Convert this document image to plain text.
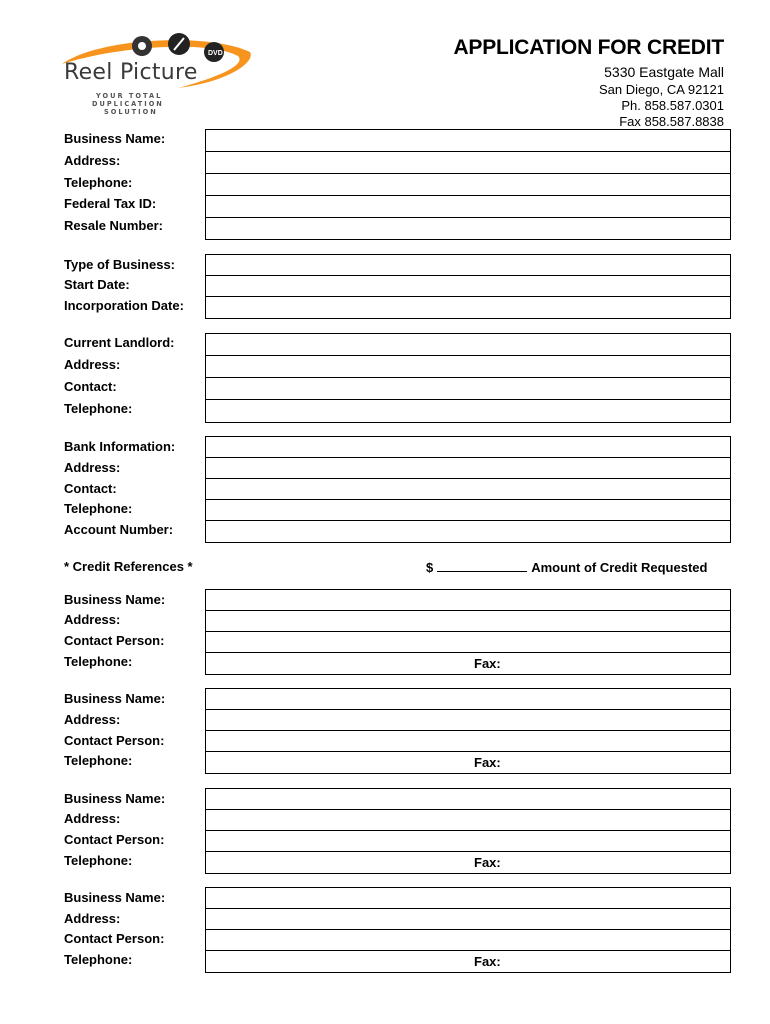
DVD
Reel Picture
YOUR TOTAL
DUPLICATION
SOLUTION
APPLICATION FOR CREDIT
5330 Eastgate Mall
San Diego, CA 92121
Ph. 858.587.0301
Fax 858.587.8838
Business Name:
Address:
Telephone:
Federal Tax ID:
Resale Number:
Type of Business:
Start Date:
Incorporation Date:
Current Landlord:
Address:
Contact:
Telephone:
Bank Information:
Address:
Contact:
Telephone:
Account Number:
* Credit References *	$	Amount of Credit Requested
Business Name:
Address:
Contact Person:
Telephone:	Fax:
Business Name:
Address:
Contact Person:
Telephone:	Fax:
Business Name:
Address:
Contact Person:
Telephone:	Fax:
Business Name:
Address:
Contact Person:
Telephone:	Fax:
